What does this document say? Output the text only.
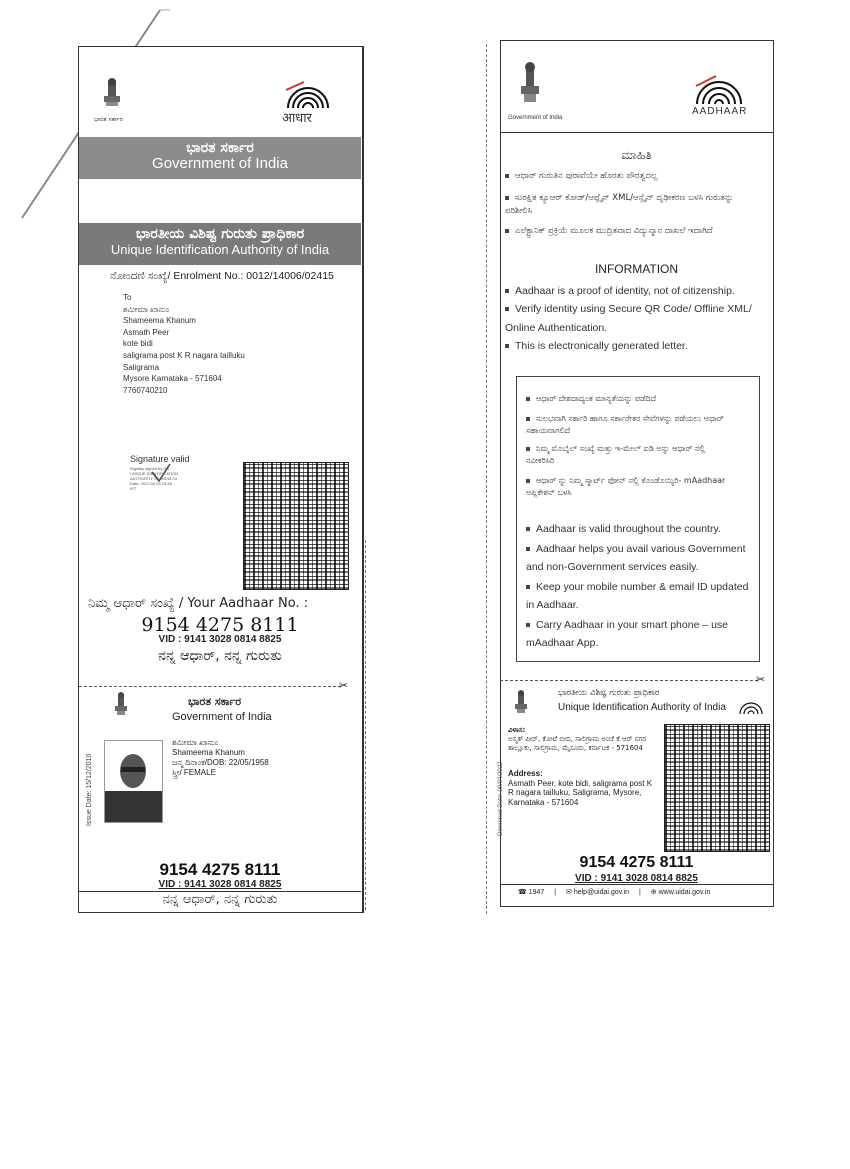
ಭಾರತ ಸರ್ಕಾರ	आधार
ಭಾರತ ಸರ್ಕಾರ
Government of India
ಭಾರತೀಯ ವಿಶಿಷ್ಟ ಗುರುತು ಪ್ರಾಧಿಕಾರ
Unique Identification Authority of India
ನೋಂದಣಿ ಸಂಖ್ಯೆ/ Enrolment No.: 0012/14006/02415
To
ಶಮೀಮಾ ಖಾನುಂ
Shameema Khanum
Asmath Peer
kote bidi
saligrama post K R nagara tailluku
Saligrama
Mysore Karnataka - 571604
7760740210
Signature valid
Digitally signed by DS
UNIQUE IDENTIFICATION
AUTHORITY OF INDIA 04
Date: 2022.04.09 23:48
IST
ನಿಮ್ಮ ಆಧಾರ್ ಸಂಖ್ಯೆ / Your Aadhaar No. :
9154 4275 8111
VID : 9141 3028 0814 8825
ನನ್ನ ಆಧಾರ್, ನನ್ನ ಗುರುತು
✂
ಭಾರತ ಸರ್ಕಾರ
Government of India
ಶಮೀಮಾ ಖಾನುಂ
Shameema Khanum
ಜನ್ಮ ದಿನಾಂಕ/DOB: 22/05/1958
ಸ್ತ್ರೀ/ FEMALE
Issue Date: 15/12/2010
9154 4275 8111
VID : 9141 3028 0814 8825
ನನ್ನ ಆಧಾರ್, ನನ್ನ ಗುರುತು
Government of India
AADHAAR
ಮಾಹಿತಿ
ಆಧಾರ್ ಗುರುತಿನ ಪುರಾವೆಯೇ ಹೊರತು ಪೌರತ್ವದಲ್ಲ
ಸುರಕ್ಷಿತ ಕ್ಯೂಆರ್ ಕೋಡ್/ಆಫ್ಲೈನ್ XML/ಆನ್ಲೈನ್ ದೃಢೀಕರಣ ಬಳಸಿ ಗುರುತನ್ನು ಪರಿಶೀಲಿಸಿ
ಎಲೆಕ್ಟ್ರಾನಿಕ್ ಪ್ರಕ್ರಿಯೆ ಮೂಲಕ ಮುದ್ರಿತವಾದ ವಿದ್ಯುನ್ಮಾನ ದಾಖಲೆ ಇದಾಗಿದೆ
INFORMATION
Aadhaar is a proof of identity, not of citizenship.
Verify identity using Secure QR Code/ Offline XML/ Online Authentication.
This is electronically generated letter.
ಆಧಾರ್ ದೇಶದಾದ್ಯಂತ ಮಾನ್ಯತೆಯನ್ನು ಪಡೆದಿದೆ
ಸುಲಭವಾಗಿ ಸರ್ಕಾರಿ ಹಾಗೂ ಸರ್ಕಾರೇತರ ಸೇವೆಗಳನ್ನು ಪಡೆಯಲು ಆಧಾರ್ ಸಹಾಯವಾಗಲಿದೆ
ನಿಮ್ಮ ಮೊಬೈಲ್ ಸಂಖ್ಯೆ ಮತ್ತು ಇ-ಮೇಲ್ ಐಡಿ ಅನ್ನು ಆಧಾರ್ ನಲ್ಲಿ ನವೀಕರಿಸಿರಿ
ಆಧಾರ್ ನ್ನು ನಿಮ್ಮ ಸ್ಮಾರ್ಟ್ ಫೋನ್ ನಲ್ಲಿ ಕೊಂಡೊಯ್ಯಿರಿ- mAadhaar ಅಪ್ಲಿಕೇಶನ್ ಬಳಸಿ
Aadhaar is valid throughout the country.
Aadhaar helps you avail various Government and non-Government services easily.
Keep your mobile number & email ID updated in Aadhaar.
Carry Aadhaar in your smart phone – use mAadhaar App.
✂
ಭಾರತೀಯ ವಿಶಿಷ್ಟ ಗುರುತು ಪ್ರಾಧಿಕಾರ
Unique Identification Authority of India
ವಿಳಾಸ:
ಅಸ್ಮತ್ ಪೀರ್, ಕೋಟೆ ಬೀದಿ, ಸಾಲಿಗ್ರಾಮ ಅಂಚೆ ಕೆ ಆರ್ ನಗರ ತಾಲ್ಲೂಕು, ಸಾಲಿಗ್ರಾಮ, ಮೈಸೂರು, ಕರ್ನಾಟಕ - 571604
Address:
Asmath Peer, kote bidi, saligrama post K R nagara tailluku, Saligrama, Mysore, Karnataka - 571604
Download Date: 09/04/2022
9154 4275 8111
VID : 9141 3028 0814 8825
☎ 1947 | ✉ help@uidai.gov.in | ⊕ www.uidai.gov.in
